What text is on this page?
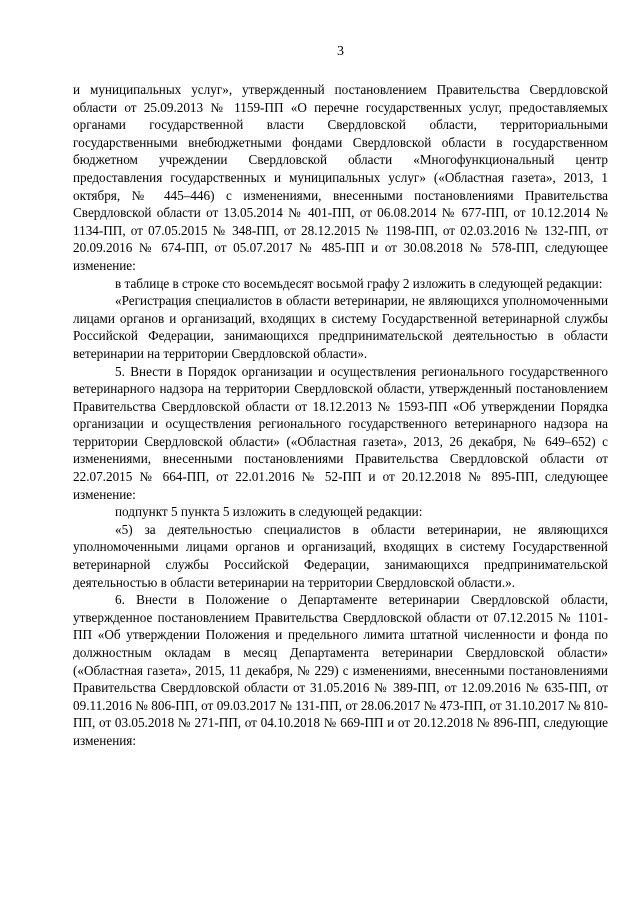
3

и муниципальных услуг», утвержденный постановлением Правительства Свердловской области от 25.09.2013 № 1159-ПП «О перечне государственных услуг, предоставляемых органами государственной власти Свердловской области, территориальными государственными внебюджетными фондами Свердловской области в государственном бюджетном учреждении Свердловской области «Многофункциональный центр предоставления государственных и муниципальных услуг» («Областная газета», 2013, 1 октября, № 445–446) с изменениями, внесенными постановлениями Правительства Свердловской области от 13.05.2014 № 401-ПП, от 06.08.2014 № 677-ПП, от 10.12.2014 № 1134-ПП, от 07.05.2015 № 348-ПП, от 28.12.2015 № 1198-ПП, от 02.03.2016 № 132-ПП, от 20.09.2016 № 674-ПП, от 05.07.2017 № 485-ПП и от 30.08.2018 № 578-ПП, следующее изменение:

в таблице в строке сто восемьдесят восьмой графу 2 изложить в следующей редакции:

«Регистрация специалистов в области ветеринарии, не являющихся уполномоченными лицами органов и организаций, входящих в систему Государственной ветеринарной службы Российской Федерации, занимающихся предпринимательской деятельностью в области ветеринарии на территории Свердловской области».

5. Внести в Порядок организации и осуществления регионального государственного ветеринарного надзора на территории Свердловской области, утвержденный постановлением Правительства Свердловской области от 18.12.2013 № 1593-ПП «Об утверждении Порядка организации и осуществления регионального государственного ветеринарного надзора на территории Свердловской области» («Областная газета», 2013, 26 декабря, № 649–652) с изменениями, внесенными постановлениями Правительства Свердловской области от 22.07.2015 № 664-ПП, от 22.01.2016 № 52-ПП и от 20.12.2018 № 895-ПП, следующее изменение:

подпункт 5 пункта 5 изложить в следующей редакции:

«5) за деятельностью специалистов в области ветеринарии, не являющихся уполномоченными лицами органов и организаций, входящих в систему Государственной ветеринарной службы Российской Федерации, занимающихся предпринимательской деятельностью в области ветеринарии на территории Свердловской области.».

6. Внести в Положение о Департаменте ветеринарии Свердловской области, утвержденное постановлением Правительства Свердловской области от 07.12.2015 № 1101-ПП «Об утверждении Положения и предельного лимита штатной численности и фонда по должностным окладам в месяц Департамента ветеринарии Свердловской области» («Областная газета», 2015, 11 декабря, № 229) с изменениями, внесенными постановлениями Правительства Свердловской области от 31.05.2016 № 389-ПП, от 12.09.2016 № 635-ПП, от 09.11.2016 № 806-ПП, от 09.03.2017 № 131-ПП, от 28.06.2017 № 473-ПП, от 31.10.2017 № 810-ПП, от 03.05.2018 № 271-ПП, от 04.10.2018 № 669-ПП и от 20.12.2018 № 896-ПП, следующие изменения:
